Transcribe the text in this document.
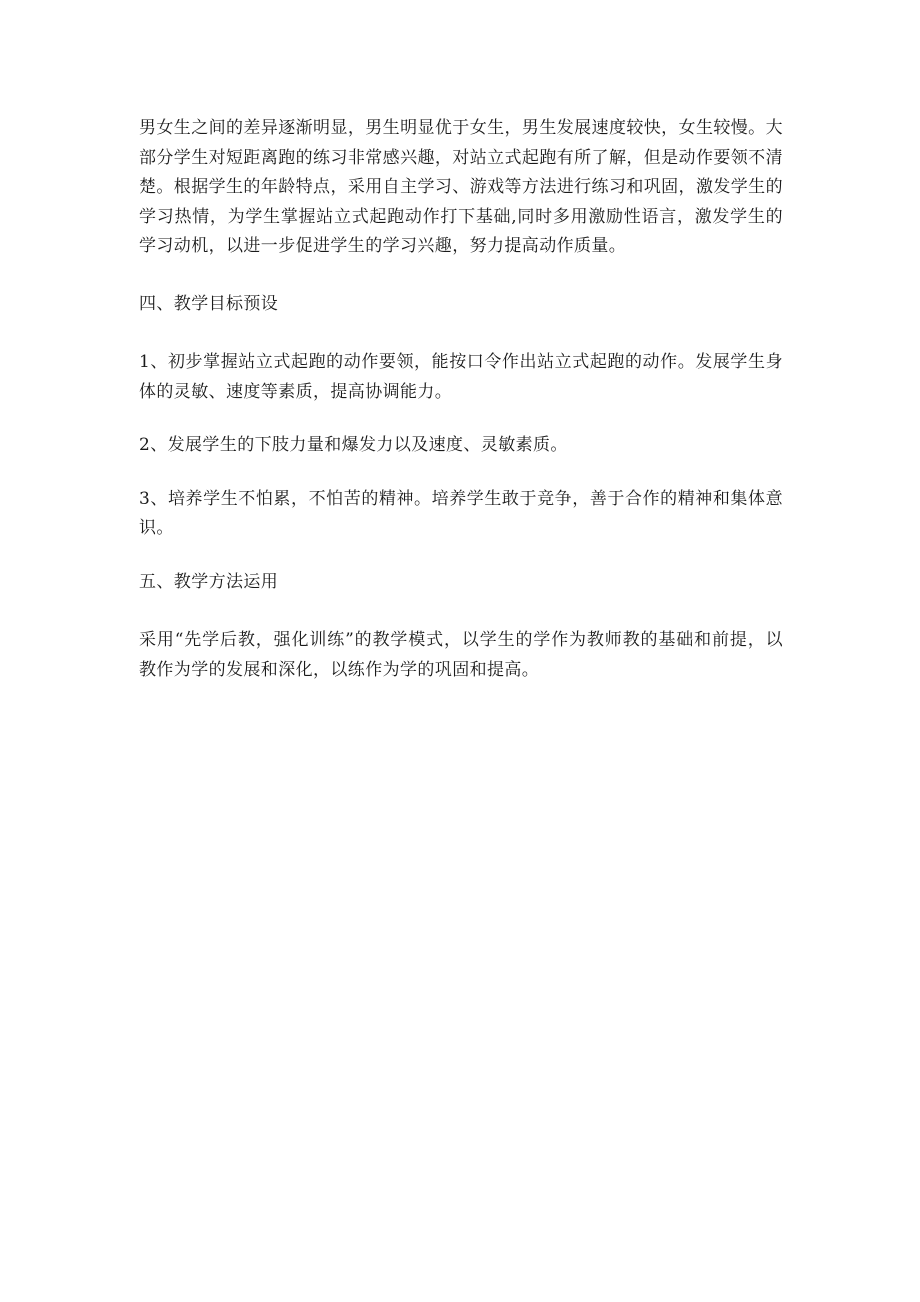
男女生之间的差异逐渐明显，男生明显优于女生，男生发展速度较快，女生较慢。大部分学生对短距离跑的练习非常感兴趣，对站立式起跑有所了解，但是动作要领不清楚。根据学生的年龄特点，采用自主学习、游戏等方法进行练习和巩固，激发学生的学习热情，为学生掌握站立式起跑动作打下基础,同时多用激励性语言，激发学生的学习动机，以进一步促进学生的学习兴趣，努力提高动作质量。

四、教学目标预设

1、初步掌握站立式起跑的动作要领，能按口令作出站立式起跑的动作。发展学生身体的灵敏、速度等素质，提高协调能力。

2、发展学生的下肢力量和爆发力以及速度、灵敏素质。

3、培养学生不怕累，不怕苦的精神。培养学生敢于竞争，善于合作的精神和集体意识。

五、教学方法运用

采用“先学后教，强化训练”的教学模式，以学生的学作为教师教的基础和前提，以教作为学的发展和深化，以练作为学的巩固和提高。
